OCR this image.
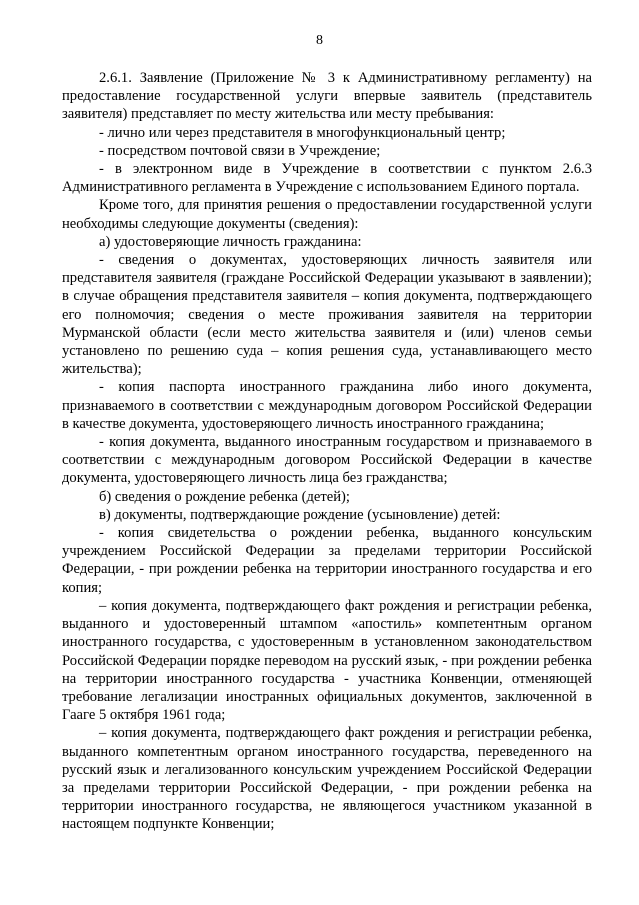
8

2.6.1. Заявление (Приложение № 3 к Административному регламенту) на предоставление государственной услуги впервые заявитель (представитель заявителя) представляет по месту жительства или месту пребывания:

- лично или через представителя в многофункциональный центр;

- посредством почтовой связи в Учреждение;

- в электронном виде в Учреждение в соответствии с пунктом 2.6.3 Административного регламента в Учреждение с использованием Единого портала.

Кроме того, для принятия решения о предоставлении государственной услуги необходимы следующие документы (сведения):

а) удостоверяющие личность гражданина:

- сведения о документах, удостоверяющих личность заявителя или представителя заявителя (граждане Российской Федерации указывают в заявлении); в случае обращения представителя заявителя – копия документа, подтверждающего его полномочия; сведения о месте проживания заявителя на территории Мурманской области (если место жительства заявителя и (или) членов семьи установлено по решению суда – копия решения суда, устанавливающего место жительства);

- копия паспорта иностранного гражданина либо иного документа, признаваемого в соответствии с международным договором Российской Федерации в качестве документа, удостоверяющего личность иностранного гражданина;

- копия документа, выданного иностранным государством и признаваемого в соответствии с международным договором Российской Федерации в качестве документа, удостоверяющего личность лица без гражданства;

б) сведения о рождение ребенка (детей);

в) документы, подтверждающие рождение (усыновление) детей:

- копия свидетельства о рождении ребенка, выданного консульским учреждением Российской Федерации за пределами территории Российской Федерации, - при рождении ребенка на территории иностранного государства и его копия;

– копия документа, подтверждающего факт рождения и регистрации ребенка, выданного и удостоверенный штампом «апостиль» компетентным органом иностранного государства, с удостоверенным в установленном законодательством Российской Федерации порядке переводом на русский язык, - при рождении ребенка на территории иностранного государства - участника Конвенции, отменяющей требование легализации иностранных официальных документов, заключенной в Гааге 5 октября 1961 года;

– копия документа, подтверждающего факт рождения и регистрации ребенка, выданного компетентным органом иностранного государства, переведенного на русский язык и легализованного консульским учреждением Российской Федерации за пределами территории Российской Федерации, - при рождении ребенка на территории иностранного государства, не являющегося участником указанной в настоящем подпункте Конвенции;
